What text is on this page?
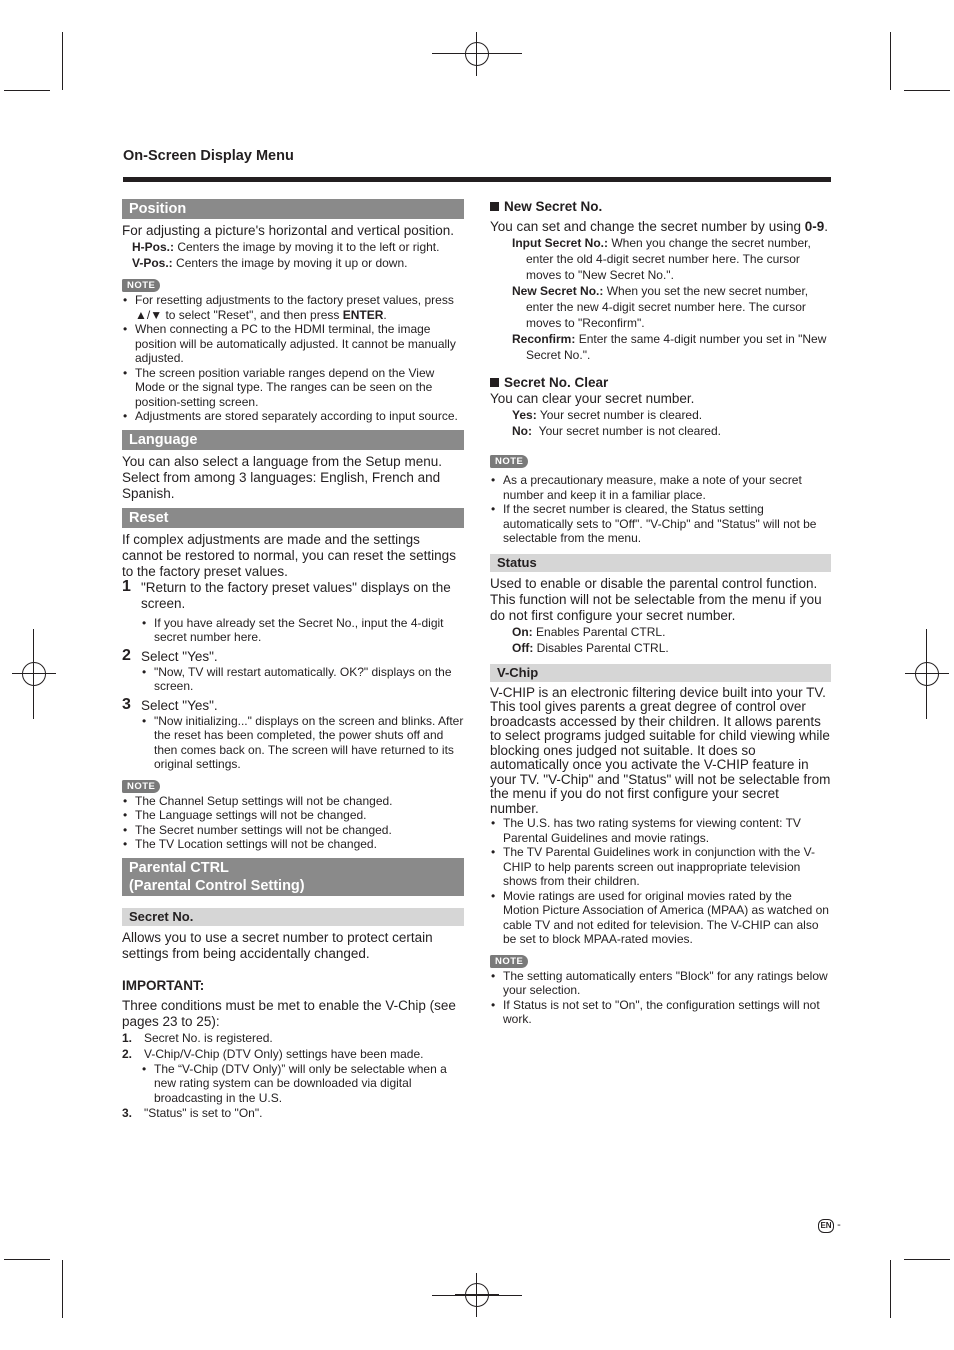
On-Screen Display Menu
Position

For adjusting a picture's horizontal and vertical position.

H-Pos.: Centers the image by moving it to the left or right.
V-Pos.: Centers the image by moving it up or down.
NOTE
• For resetting adjustments to the factory preset values, press ▲/▼ to select "Reset", and then press ENTER.
• When connecting a PC to the HDMI terminal, the image position will be automatically adjusted. It cannot be manually adjusted.
• The screen position variable ranges depend on the View Mode or the signal type. The ranges can be seen on the position-setting screen.
• Adjustments are stored separately according to input source.
Language

You can also select a language from the Setup menu. Select from among 3 languages: English, French and Spanish.

Reset

If complex adjustments are made and the settings cannot be restored to normal, you can reset the settings to the factory preset values.

1 "Return to the factory preset values" displays on the screen.
• If you have already set the Secret No., input the 4-digit secret number here.
2 Select "Yes".
• "Now, TV will restart automatically. OK?" displays on the screen.
3 Select "Yes".
• "Now initializing..." displays on the screen and blinks. After the reset has been completed, the power shuts off and then comes back on. The screen will have returned to its original settings.
NOTE
• The Channel Setup settings will not be changed.
• The Language settings will not be changed.
• The Secret number settings will not be changed.
• The TV Location settings will not be changed.
Parental CTRL
(Parental Control Setting)
Secret No.

Allows you to use a secret number to protect certain settings from being accidentally changed.

IMPORTANT:

Three conditions must be met to enable the V-Chip (see pages 23 to 25):

1. Secret No. is registered.
2. V-Chip/V-Chip (DTV Only) settings have been made.
• The “V-Chip (DTV Only)” will only be selectable when a new rating system can be downloaded via digital broadcasting in the U.S.
3. "Status" is set to "On".
New Secret No.

You can set and change the secret number by using 0-9.

Input Secret No.: When you change the secret number, enter the old 4-digit secret number here. The cursor moves to "New Secret No.".
New Secret No.: When you set the new secret number, enter the new 4-digit secret number here. The cursor moves to "Reconfirm".
Reconfirm: Enter the same 4-digit number you set in "New Secret No.".
Secret No. Clear

You can clear your secret number.

Yes: Your secret number is cleared.
No: Your secret number is not cleared.
NOTE
• As a precautionary measure, make a note of your secret number and keep it in a familiar place.
• If the secret number is cleared, the Status setting automatically sets to "Off". "V-Chip" and "Status" will not be selectable from the menu.
Status

Used to enable or disable the parental control function. This function will not be selectable from the menu if you do not first configure your secret number.

On: Enables Parental CTRL.
Off: Disables Parental CTRL.
V-Chip

V-CHIP is an electronic filtering device built into your TV. This tool gives parents a great degree of control over broadcasts accessed by their children. It allows parents to select programs judged suitable for child viewing while blocking ones judged not suitable. It does so automatically once you activate the V-CHIP feature in your TV. "V-Chip" and "Status" will not be selectable from the menu if you do not first configure your secret number.

• The U.S. has two rating systems for viewing content: TV Parental Guidelines and movie ratings.
• The TV Parental Guidelines work in conjunction with the V-CHIP to help parents screen out inappropriate television shows from their children.
• Movie ratings are used for original movies rated by the Motion Picture Association of America (MPAA) as watched on cable TV and not edited for television. The V-CHIP can also be set to block MPAA-rated movies.
NOTE
• The setting automatically enters "Block" for any ratings below your selection.
• If Status is not set to "On", the configuration settings will not work.
EN -
